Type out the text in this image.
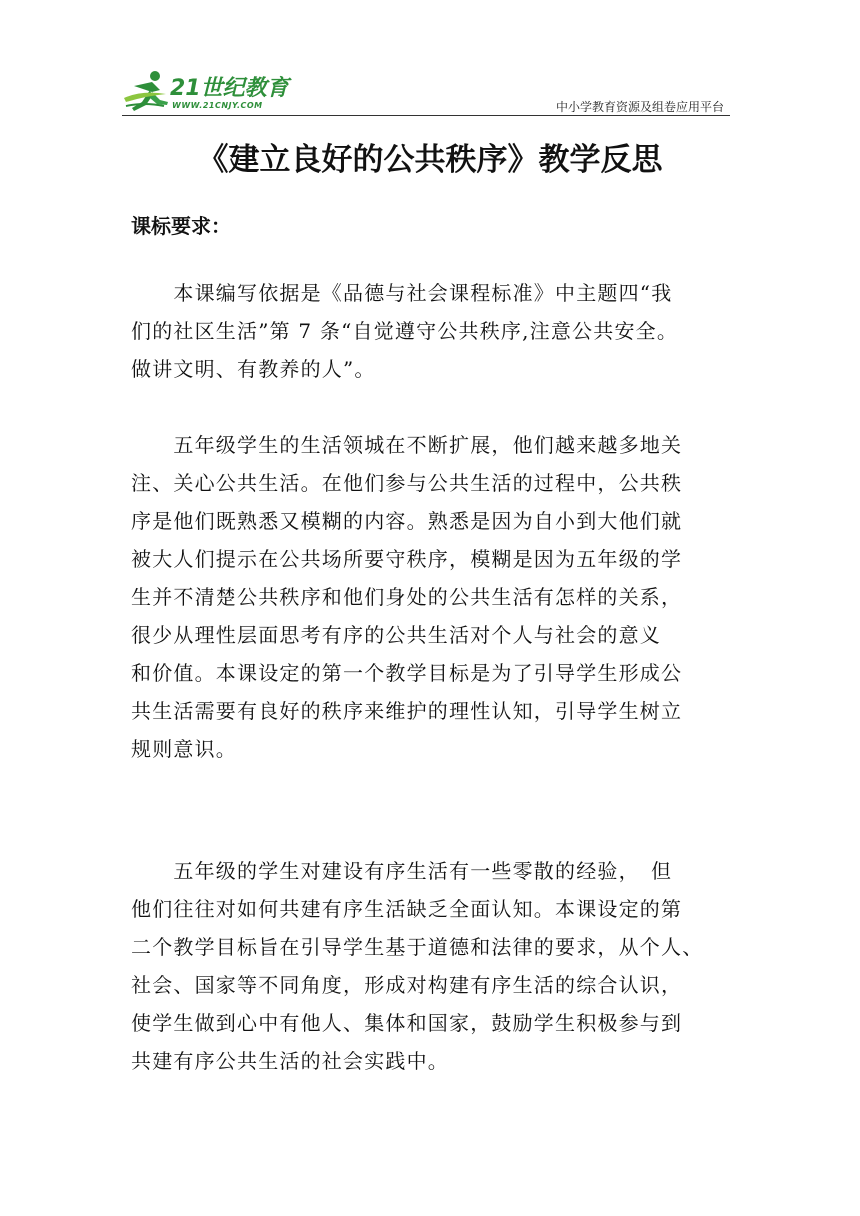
21世纪教育
WWW.21CNJY.COM	中小学教育资源及组卷应用平台
《建立良好的公共秩序》教学反思
课标要求：
　　本课编写依据是《品德与社会课程标准》中主题四“我
们的社区生活”第 7 条“自觉遵守公共秩序,注意公共安全。
做讲文明、有教养的人”。
　　五年级学生的生活领城在不断扩展，他们越来越多地关
注、关心公共生活。在他们参与公共生活的过程中，公共秩
序是他们既熟悉又模糊的内容。熟悉是因为自小到大他们就
被大人们提示在公共场所要守秩序，模糊是因为五年级的学
生并不清楚公共秩序和他们身处的公共生活有怎样的关系，
很少从理性层面思考有序的公共生活对个人与社会的意义
和价值。本课设定的第一个教学目标是为了引导学生形成公
共生活需要有良好的秩序来维护的理性认知，引导学生树立
规则意识。
　　五年级的学生对建设有序生活有一些零散的经验，　但
他们往往对如何共建有序生活缺乏全面认知。本课设定的第
二个教学目标旨在引导学生基于道德和法律的要求，从个人、
社会、国家等不同角度，形成对构建有序生活的综合认识，
使学生做到心中有他人、集体和国家，鼓励学生积极参与到
共建有序公共生活的社会实践中。
